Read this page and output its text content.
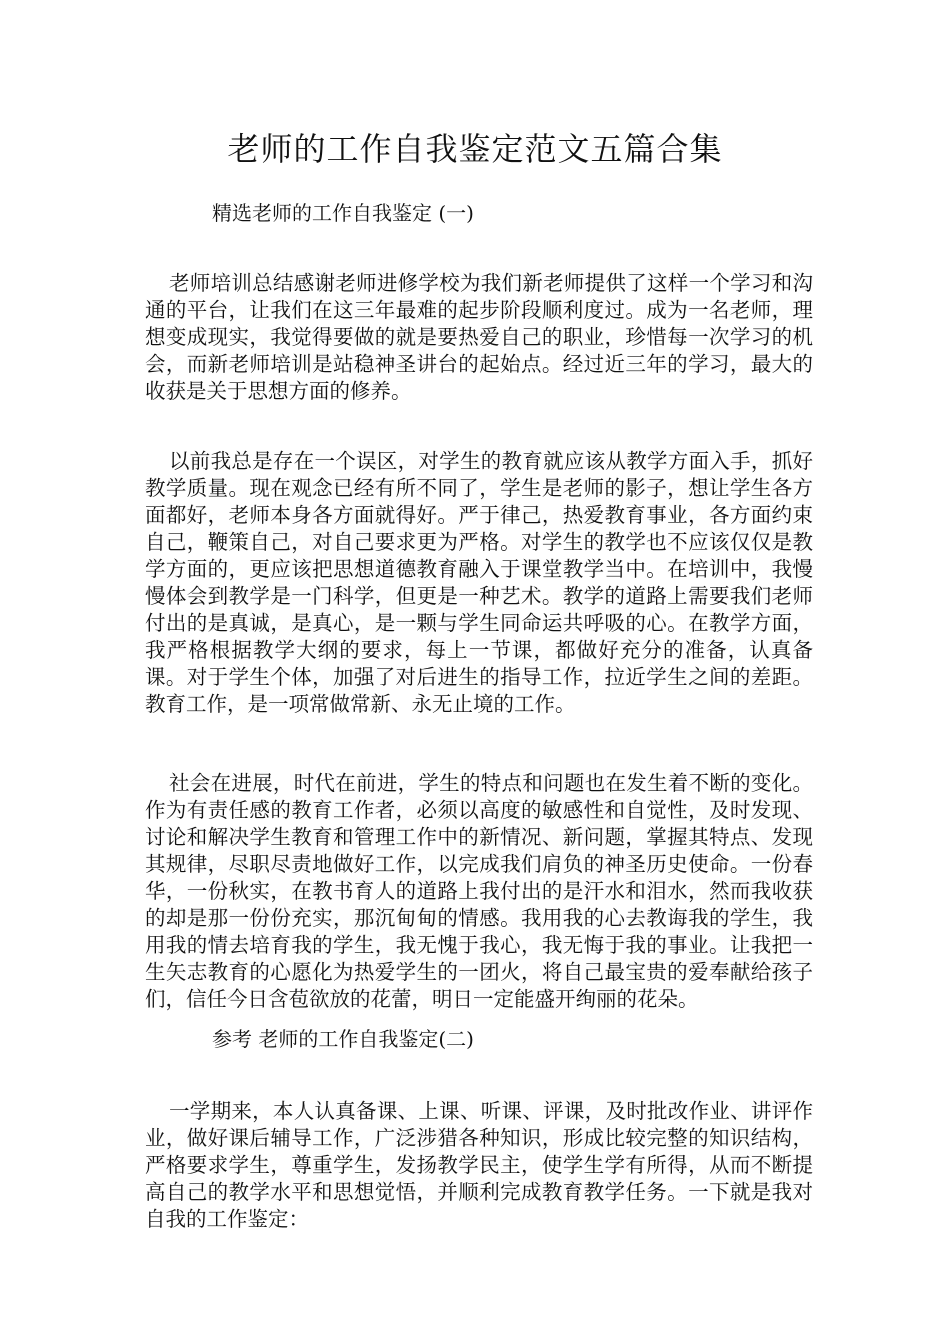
老师的工作自我鉴定范文五篇合集
精选老师的工作自我鉴定 (一)

老师培训总结感谢老师进修学校为我们新老师提供了这样一个学习和沟通的平台，让我们在这三年最难的起步阶段顺利度过。成为一名老师，理想变成现实，我觉得要做的就是要热爱自己的职业，珍惜每一次学习的机会，而新老师培训是站稳神圣讲台的起始点。经过近三年的学习，最大的收获是关于思想方面的修养。

以前我总是存在一个误区，对学生的教育就应该从教学方面入手，抓好教学质量。现在观念已经有所不同了，学生是老师的影子，想让学生各方面都好，老师本身各方面就得好。严于律己，热爱教育事业，各方面约束自己，鞭策自己，对自己要求更为严格。对学生的教学也不应该仅仅是教学方面的，更应该把思想道德教育融入于课堂教学当中。在培训中，我慢慢体会到教学是一门科学，但更是一种艺术。教学的道路上需要我们老师付出的是真诚，是真心，是一颗与学生同命运共呼吸的心。在教学方面，我严格根据教学大纲的要求，每上一节课，都做好充分的准备，认真备课。对于学生个体，加强了对后进生的指导工作，拉近学生之间的差距。教育工作，是一项常做常新、永无止境的工作。

社会在进展，时代在前进，学生的特点和问题也在发生着不断的变化。作为有责任感的教育工作者，必须以高度的敏感性和自觉性，及时发现、讨论和解决学生教育和管理工作中的新情况、新问题，掌握其特点、发现其规律，尽职尽责地做好工作，以完成我们肩负的神圣历史使命。一份春华，一份秋实，在教书育人的道路上我付出的是汗水和泪水，然而我收获的却是那一份份充实，那沉甸甸的情感。我用我的心去教诲我的学生，我用我的情去培育我的学生，我无愧于我心，我无悔于我的事业。让我把一生矢志教育的心愿化为热爱学生的一团火，将自己最宝贵的爱奉献给孩子们，信任今日含苞欲放的花蕾，明日一定能盛开绚丽的花朵。

参考 老师的工作自我鉴定(二)

一学期来，本人认真备课、上课、听课、评课，及时批改作业、讲评作业，做好课后辅导工作，广泛涉猎各种知识，形成比较完整的知识结构，严格要求学生，尊重学生，发扬教学民主，使学生学有所得，从而不断提高自己的教学水平和思想觉悟，并顺利完成教育教学任务。一下就是我对自我的工作鉴定：
